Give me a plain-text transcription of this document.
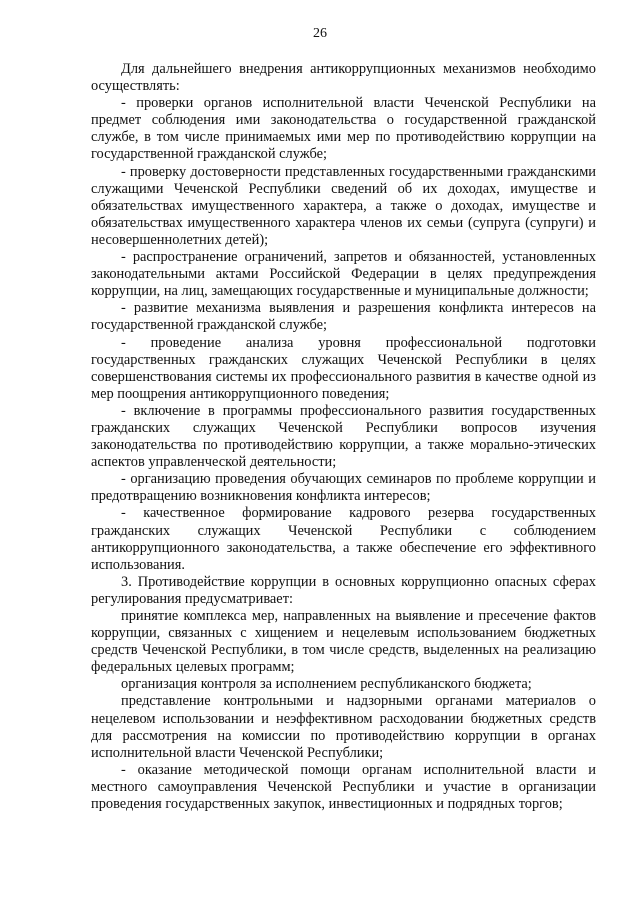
26

Для дальнейшего внедрения антикоррупционных механизмов необходимо осуществлять:

- проверки органов исполнительной власти Чеченской Республики на предмет соблюдения ими законодательства о государственной гражданской службе, в том числе принимаемых ими мер по противодействию коррупции на государственной гражданской службе;

- проверку достоверности представленных государственными гражданскими служащими Чеченской Республики сведений об их доходах, имуществе и обязательствах имущественного характера, а также о доходах, имуществе и обязательствах имущественного характера членов их семьи (супруга (супруги) и несовершеннолетних детей);

- распространение ограничений, запретов и обязанностей, установленных законодательными актами Российской Федерации в целях предупреждения коррупции, на лиц, замещающих государственные и муниципальные должности;

- развитие механизма выявления и разрешения конфликта интересов на государственной гражданской службе;

- проведение анализа уровня профессиональной подготовки государственных гражданских служащих Чеченской Республики в целях совершенствования системы их профессионального развития в качестве одной из мер поощрения антикоррупционного поведения;

- включение в программы профессионального развития государственных гражданских служащих Чеченской Республики вопросов изучения законодательства по противодействию коррупции, а также морально-этических аспектов управленческой деятельности;

- организацию проведения обучающих семинаров по проблеме коррупции и предотвращению возникновения конфликта интересов;

- качественное формирование кадрового резерва государственных гражданских служащих Чеченской Республики с соблюдением антикоррупционного законодательства, а также обеспечение его эффективного использования.

3. Противодействие коррупции в основных коррупционно опасных сферах регулирования предусматривает:

принятие комплекса мер, направленных на выявление и пресечение фактов коррупции, связанных с хищением и нецелевым использованием бюджетных средств Чеченской Республики, в том числе средств, выделенных на реализацию федеральных целевых программ;

организация контроля за исполнением республиканского бюджета;

представление контрольными и надзорными органами материалов о нецелевом использовании и неэффективном расходовании бюджетных средств для рассмотрения на комиссии по противодействию коррупции в органах исполнительной власти Чеченской Республики;

- оказание методической помощи органам исполнительной власти и местного самоуправления Чеченской Республики и участие в организации проведения государственных закупок, инвестиционных и подрядных торгов;
